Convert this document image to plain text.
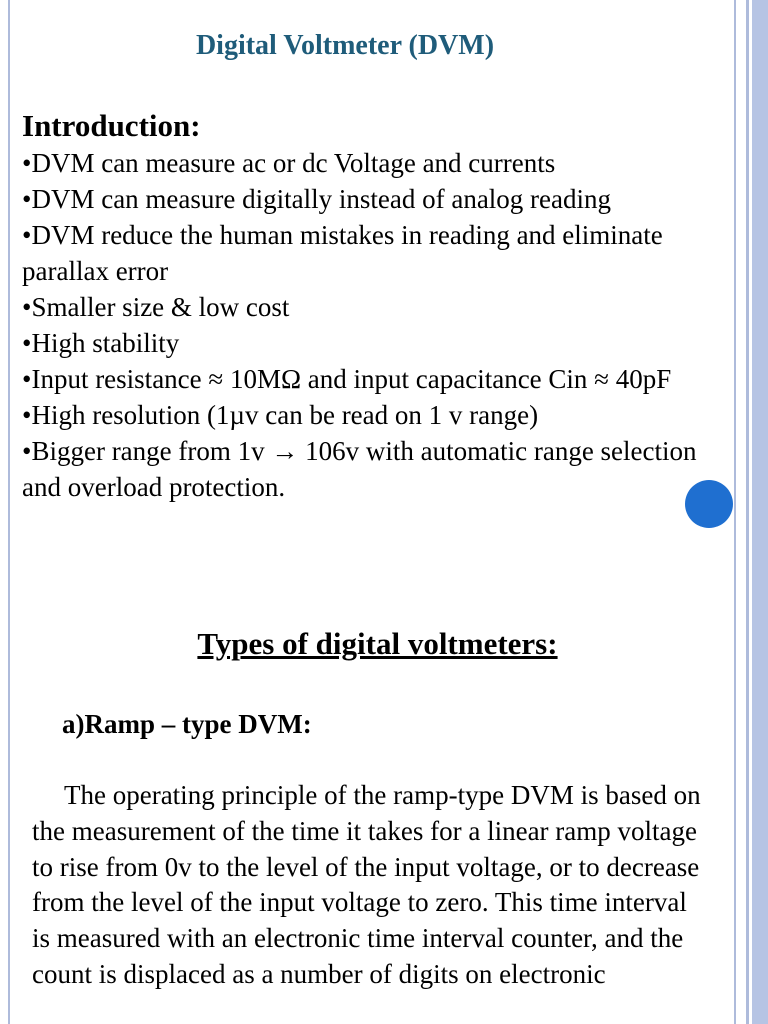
Digital Voltmeter (DVM)
Introduction:
•DVM can measure ac or dc Voltage and currents
•DVM can measure digitally instead of analog reading
•DVM reduce the human mistakes in reading and eliminate parallax error
•Smaller size & low cost
•High stability
•Input resistance ≈ 10MΩ and input capacitance Cin ≈ 40pF
•High resolution (1µv can be read on 1 v range)
•Bigger range from 1v → 106v with automatic range selection and overload protection.
Types of digital voltmeters:
a)Ramp – type DVM:

The operating principle of the ramp-type DVM is based on the measurement of the time it takes for a linear ramp voltage to rise from 0v to the level of the input voltage, or to decrease from the level of the input voltage to zero. This time interval is measured with an electronic time interval counter, and the count is displaced as a number of digits on electronic
